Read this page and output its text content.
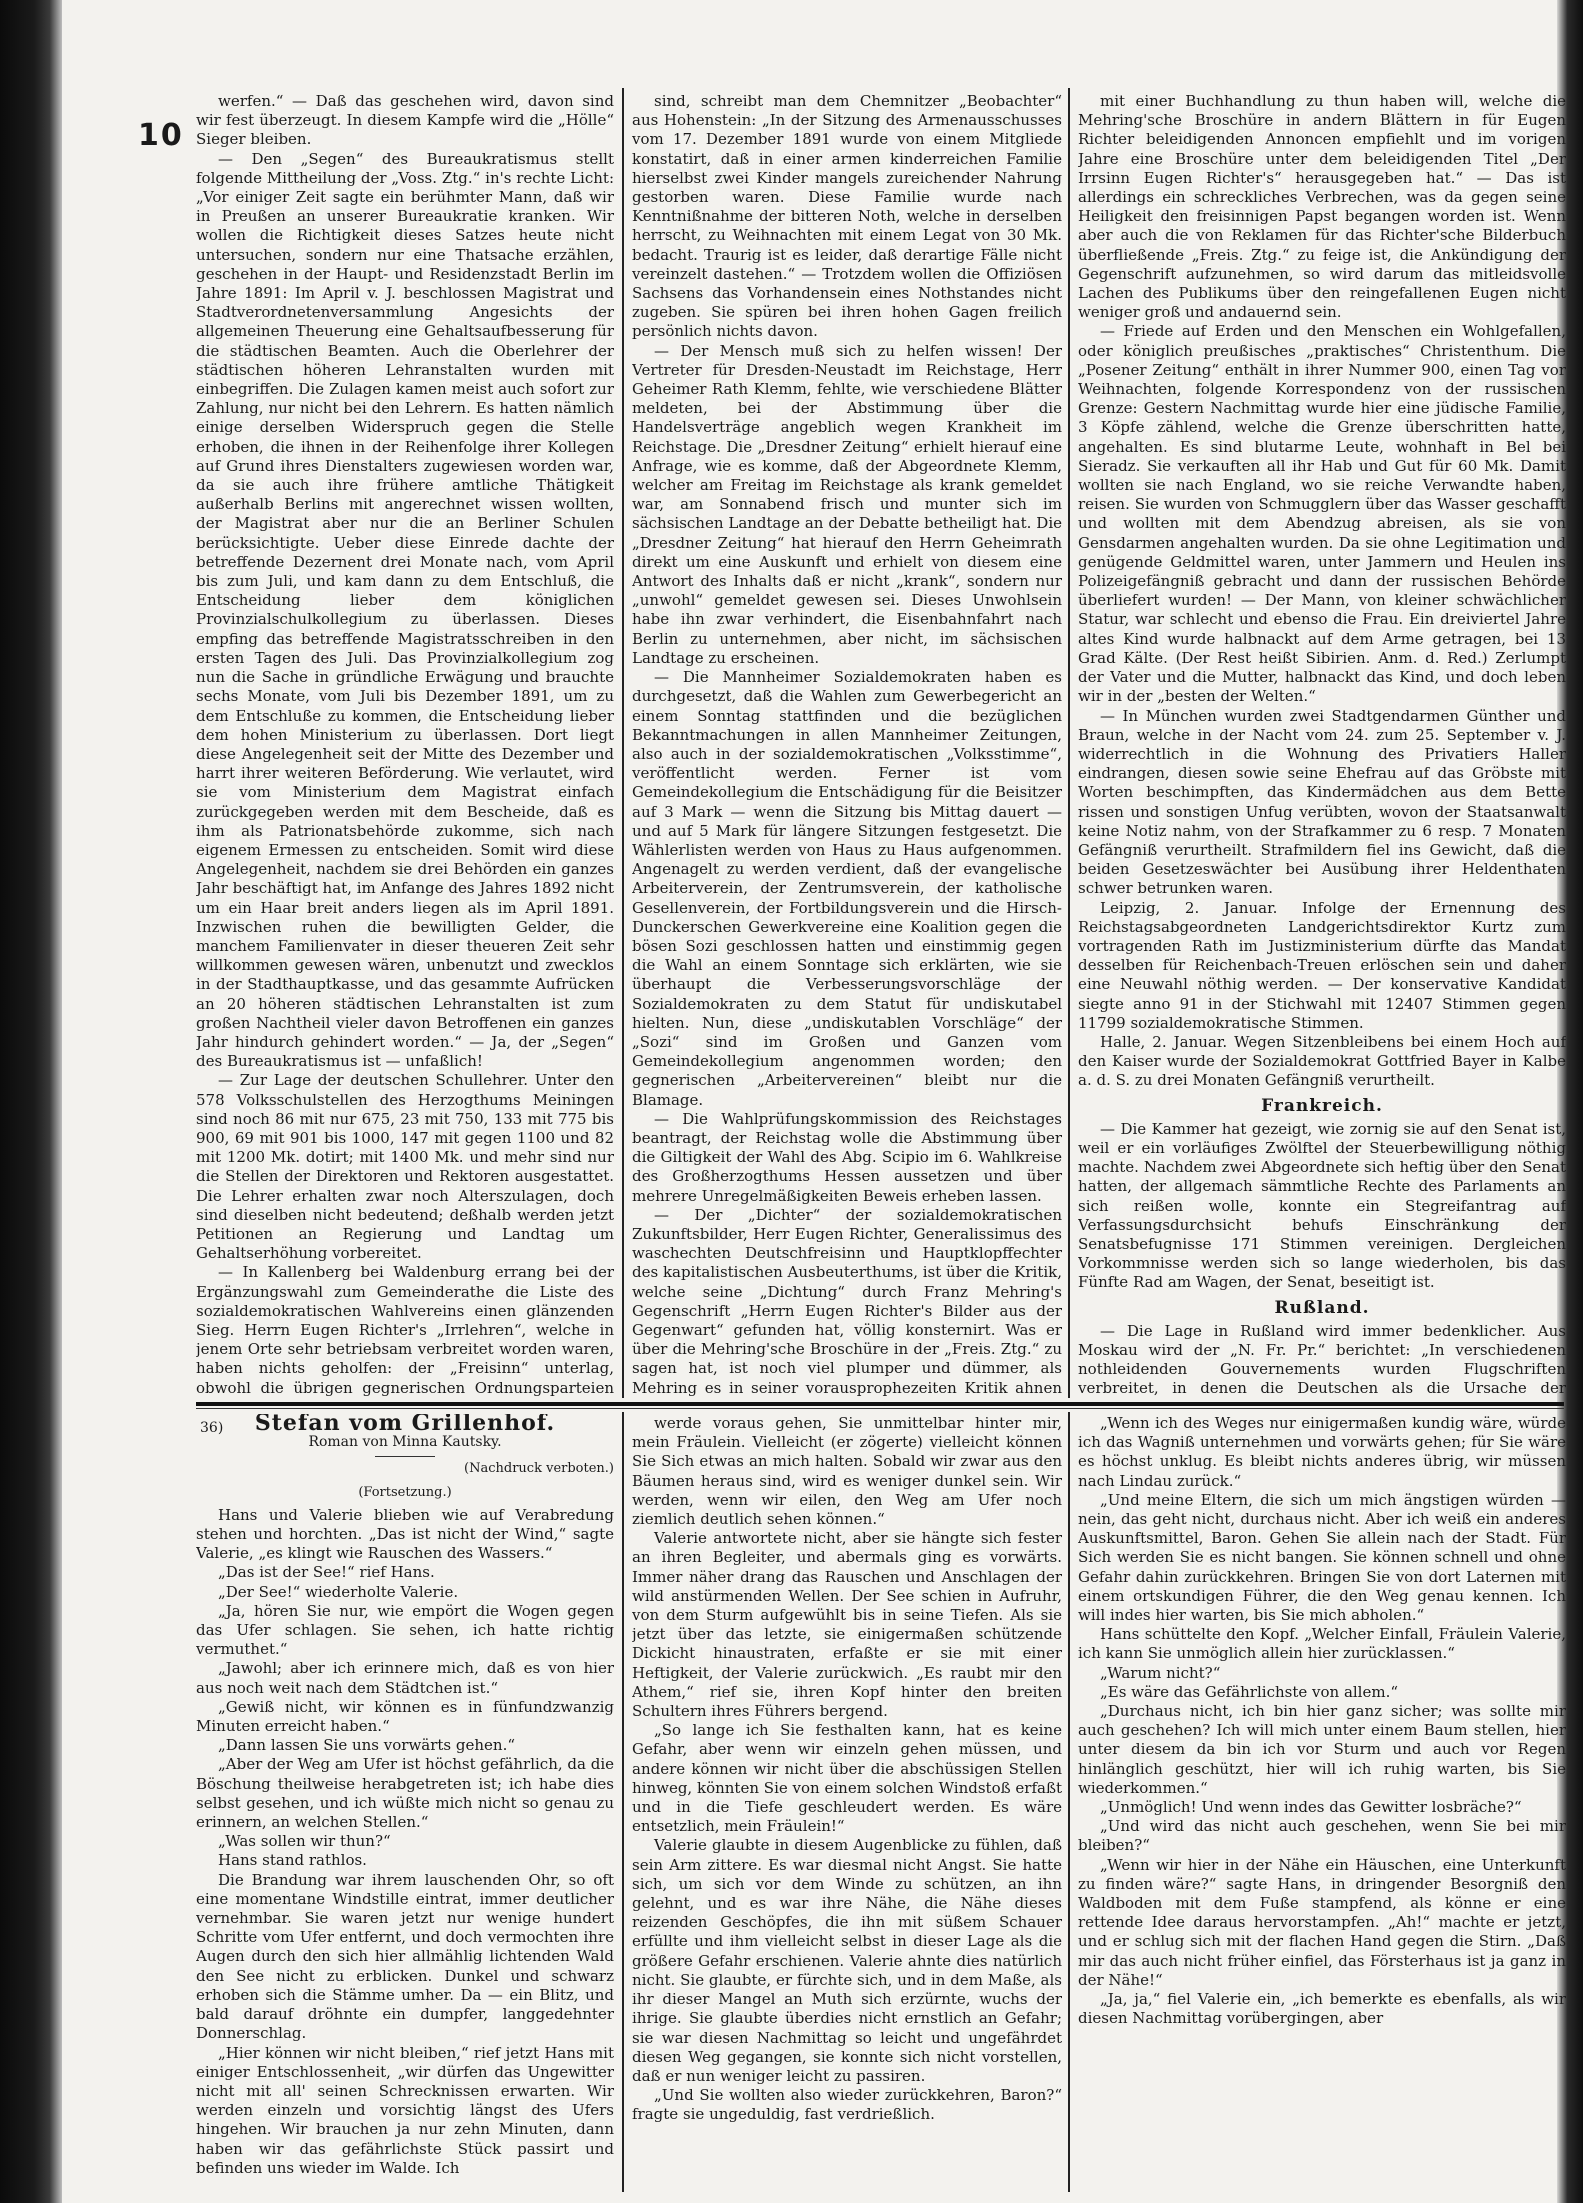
10

werfen.“ — Daß das geschehen wird, davon sind wir fest überzeugt. In diesem Kampfe wird die „Hölle“ Sieger bleiben.

— Den „Segen“ des Bureaukratismus stellt folgende Mittheilung der „Voss. Ztg.“ in's rechte Licht: „Vor einiger Zeit sagte ein berühmter Mann, daß wir in Preußen an unserer Bureaukratie kranken. Wir wollen die Richtigkeit dieses Satzes heute nicht untersuchen, sondern nur eine Thatsache erzählen, geschehen in der Haupt- und Residenzstadt Berlin im Jahre 1891: Im April v. J. beschlossen Magistrat und Stadtverordnetenversammlung Angesichts der allgemeinen Theuerung eine Gehaltsaufbesserung für die städtischen Beamten. Auch die Oberlehrer der städtischen höheren Lehranstalten wurden mit einbegriffen. Die Zulagen kamen meist auch sofort zur Zahlung, nur nicht bei den Lehrern. Es hatten nämlich einige derselben Widerspruch gegen die Stelle erhoben, die ihnen in der Reihenfolge ihrer Kollegen auf Grund ihres Dienstalters zugewiesen worden war, da sie auch ihre frühere amtliche Thätigkeit außerhalb Berlins mit angerechnet wissen wollten, der Magistrat aber nur die an Berliner Schulen berücksichtigte. Ueber diese Einrede dachte der betreffende Dezernent drei Monate nach, vom April bis zum Juli, und kam dann zu dem Entschluß, die Entscheidung lieber dem königlichen Provinzialschulkollegium zu überlassen. Dieses empfing das betreffende Magistratsschreiben in den ersten Tagen des Juli. Das Provinzialkollegium zog nun die Sache in gründliche Erwägung und brauchte sechs Monate, vom Juli bis Dezember 1891, um zu dem Entschluße zu kommen, die Entscheidung lieber dem hohen Ministerium zu überlassen. Dort liegt diese Angelegenheit seit der Mitte des Dezember und harrt ihrer weiteren Beförderung. Wie verlautet, wird sie vom Ministerium dem Magistrat einfach zurückgegeben werden mit dem Bescheide, daß es ihm als Patrionatsbehörde zukomme, sich nach eigenem Ermessen zu entscheiden. Somit wird diese Angelegenheit, nachdem sie drei Behörden ein ganzes Jahr beschäftigt hat, im Anfange des Jahres 1892 nicht um ein Haar breit anders liegen als im April 1891. Inzwischen ruhen die bewilligten Gelder, die manchem Familienvater in dieser theueren Zeit sehr willkommen gewesen wären, unbenutzt und zwecklos in der Stadthauptkasse, und das gesammte Aufrücken an 20 höheren städtischen Lehranstalten ist zum großen Nachtheil vieler davon Betroffenen ein ganzes Jahr hindurch gehindert worden.“ — Ja, der „Segen“ des Bureaukratismus ist — unfaßlich!

— Zur Lage der deutschen Schullehrer. Unter den 578 Volksschulstellen des Herzogthums Meiningen sind noch 86 mit nur 675, 23 mit 750, 133 mit 775 bis 900, 69 mit 901 bis 1000, 147 mit gegen 1100 und 82 mit 1200 Mk. dotirt; mit 1400 Mk. und mehr sind nur die Stellen der Direktoren und Rektoren ausgestattet. Die Lehrer erhalten zwar noch Alterszulagen, doch sind dieselben nicht bedeutend; deßhalb werden jetzt Petitionen an Regierung und Landtag um Gehaltserhöhung vorbereitet.

— In Kallenberg bei Waldenburg errang bei der Ergänzungswahl zum Gemeinderathe die Liste des sozialdemokratischen Wahlvereins einen glänzenden Sieg. Herrn Eugen Richter's „Irrlehren“, welche in jenem Orte sehr betriebsam verbreitet worden waren, haben nichts geholfen: der „Freisinn“ unterlag, obwohl die übrigen gegnerischen Ordnungsparteien

sind, schreibt man dem Chemnitzer „Beobachter“ aus Hohenstein: „In der Sitzung des Armenausschusses vom 17. Dezember 1891 wurde von einem Mitgliede konstatirt, daß in einer armen kinderreichen Familie hierselbst zwei Kinder mangels zureichender Nahrung gestorben waren. Diese Familie wurde nach Kenntnißnahme der bitteren Noth, welche in derselben herrscht, zu Weihnachten mit einem Legat von 30 Mk. bedacht. Traurig ist es leider, daß derartige Fälle nicht vereinzelt dastehen.“ — Trotzdem wollen die Offiziösen Sachsens das Vorhandensein eines Nothstandes nicht zugeben. Sie spüren bei ihren hohen Gagen freilich persönlich nichts davon.

— Der Mensch muß sich zu helfen wissen! Der Vertreter für Dresden-Neustadt im Reichstage, Herr Geheimer Rath Klemm, fehlte, wie verschiedene Blätter meldeten, bei der Abstimmung über die Handelsverträge angeblich wegen Krankheit im Reichstage. Die „Dresdner Zeitung“ erhielt hierauf eine Anfrage, wie es komme, daß der Abgeordnete Klemm, welcher am Freitag im Reichstage als krank gemeldet war, am Sonnabend frisch und munter sich im sächsischen Landtage an der Debatte betheiligt hat. Die „Dresdner Zeitung“ hat hierauf den Herrn Geheimrath direkt um eine Auskunft und erhielt von diesem eine Antwort des Inhalts daß er nicht „krank“, sondern nur „unwohl“ gemeldet gewesen sei. Dieses Unwohlsein habe ihn zwar verhindert, die Eisenbahnfahrt nach Berlin zu unternehmen, aber nicht, im sächsischen Landtage zu erscheinen.

— Die Mannheimer Sozialdemokraten haben es durchgesetzt, daß die Wahlen zum Gewerbegericht an einem Sonntag stattfinden und die bezüglichen Bekanntmachungen in allen Mannheimer Zeitungen, also auch in der sozialdemokratischen „Volksstimme“, veröffentlicht werden. Ferner ist vom Gemeindekollegium die Entschädigung für die Beisitzer auf 3 Mark — wenn die Sitzung bis Mittag dauert — und auf 5 Mark für längere Sitzungen festgesetzt. Die Wählerlisten werden von Haus zu Haus aufgenommen. Angenagelt zu werden verdient, daß der evangelische Arbeiterverein, der Zentrumsverein, der katholische Gesellenverein, der Fortbildungsverein und die Hirsch-Dunckerschen Gewerkvereine eine Koalition gegen die bösen Sozi geschlossen hatten und einstimmig gegen die Wahl an einem Sonntage sich erklärten, wie sie überhaupt die Verbesserungsvorschläge der Sozialdemokraten zu dem Statut für undiskutabel hielten. Nun, diese „undiskutablen Vorschläge“ der „Sozi“ sind im Großen und Ganzen vom Gemeindekollegium angenommen worden; den gegnerischen „Arbeitervereinen“ bleibt nur die Blamage.

— Die Wahlprüfungskommission des Reichstages beantragt, der Reichstag wolle die Abstimmung über die Giltigkeit der Wahl des Abg. Scipio im 6. Wahlkreise des Großherzogthums Hessen aussetzen und über mehrere Unregelmäßigkeiten Beweis erheben lassen.

— Der „Dichter“ der sozialdemokratischen Zukunftsbilder, Herr Eugen Richter, Generalissimus des waschechten Deutschfreisinn und Hauptklopffechter des kapitalistischen Ausbeuterthums, ist über die Kritik, welche seine „Dichtung“ durch Franz Mehring's Gegenschrift „Herrn Eugen Richter's Bilder aus der Gegenwart“ gefunden hat, völlig konsternirt. Was er über die Mehring'sche Broschüre in der „Freis. Ztg.“ zu sagen hat, ist noch viel plumper und dümmer, als Mehring es in seiner vorausprophezeiten Kritik ahnen

mit einer Buchhandlung zu thun haben will, welche die Mehring'sche Broschüre in andern Blättern in für Eugen Richter beleidigenden Annoncen empfiehlt und im vorigen Jahre eine Broschüre unter dem beleidigenden Titel „Der Irrsinn Eugen Richter's“ herausgegeben hat.“ — Das ist allerdings ein schreckliches Verbrechen, was da gegen seine Heiligkeit den freisinnigen Papst begangen worden ist. Wenn aber auch die von Reklamen für das Richter'sche Bilderbuch überfließende „Freis. Ztg.“ zu feige ist, die Ankündigung der Gegenschrift aufzunehmen, so wird darum das mitleidsvolle Lachen des Publikums über den reingefallenen Eugen nicht weniger groß und andauernd sein.

— Friede auf Erden und den Menschen ein Wohlgefallen, oder königlich preußisches „praktisches“ Christenthum. Die „Posener Zeitung“ enthält in ihrer Nummer 900, einen Tag vor Weihnachten, folgende Korrespondenz von der russischen Grenze: Gestern Nachmittag wurde hier eine jüdische Familie, 3 Köpfe zählend, welche die Grenze überschritten hatte, angehalten. Es sind blutarme Leute, wohnhaft in Bel bei Sieradz. Sie verkauften all ihr Hab und Gut für 60 Mk. Damit wollten sie nach England, wo sie reiche Verwandte haben, reisen. Sie wurden von Schmugglern über das Wasser geschafft und wollten mit dem Abendzug abreisen, als sie von Gensdarmen angehalten wurden. Da sie ohne Legitimation und genügende Geldmittel waren, unter Jammern und Heulen ins Polizeigefängniß gebracht und dann der russischen Behörde überliefert wurden! — Der Mann, von kleiner schwächlicher Statur, war schlecht und ebenso die Frau. Ein dreiviertel Jahre altes Kind wurde halbnackt auf dem Arme getragen, bei 13 Grad Kälte. (Der Rest heißt Sibirien. Anm. d. Red.) Zerlumpt der Vater und die Mutter, halbnackt das Kind, und doch leben wir in der „besten der Welten.“

— In München wurden zwei Stadtgendarmen Günther und Braun, welche in der Nacht vom 24. zum 25. September v. J. widerrechtlich in die Wohnung des Privatiers Haller eindrangen, diesen sowie seine Ehefrau auf das Gröbste mit Worten beschimpften, das Kindermädchen aus dem Bette rissen und sonstigen Unfug verübten, wovon der Staatsanwalt keine Notiz nahm, von der Strafkammer zu 6 resp. 7 Monaten Gefängniß verurtheilt. Strafmildern fiel ins Gewicht, daß die beiden Gesetzeswächter bei Ausübung ihrer Heldenthaten schwer betrunken waren.

Leipzig, 2. Januar. Infolge der Ernennung des Reichstagsabgeordneten Landgerichtsdirektor Kurtz zum vortragenden Rath im Justizministerium dürfte das Mandat desselben für Reichenbach-Treuen erlöschen sein und daher eine Neuwahl nöthig werden. — Der konservative Kandidat siegte anno 91 in der Stichwahl mit 12407 Stimmen gegen 11799 sozialdemokratische Stimmen.

Halle, 2. Januar. Wegen Sitzenbleibens bei einem Hoch auf den Kaiser wurde der Sozialdemokrat Gottfried Bayer in Kalbe a. d. S. zu drei Monaten Gefängniß verurtheilt.

Frankreich.

— Die Kammer hat gezeigt, wie zornig sie auf den Senat ist, weil er ein vorläufiges Zwölftel der Steuerbewilligung nöthig machte. Nachdem zwei Abgeordnete sich heftig über den Senat hatten, der allgemach sämmtliche Rechte des Parlaments an sich reißen wolle, konnte ein Stegreifantrag auf Verfassungsdurchsicht behufs Einschränkung der Senatsbefugnisse 171 Stimmen vereinigen. Dergleichen Vorkommnisse werden sich so lange wiederholen, bis das Fünfte Rad am Wagen, der Senat, beseitigt ist.

Rußland.

— Die Lage in Rußland wird immer bedenklicher. Aus Moskau wird der „N. Fr. Pr.“ berichtet: „In verschiedenen nothleidenden Gouvernements wurden Flugschriften verbreitet, in denen die Deutschen als die Ursache der

36)	Stefan vom Grillenhof.

Roman von Minna Kautsky.

(Nachdruck verboten.)

(Fortsetzung.)

Hans und Valerie blieben wie auf Verabredung stehen und horchten. „Das ist nicht der Wind,“ sagte Valerie, „es klingt wie Rauschen des Wassers.“

„Das ist der See!“ rief Hans.

„Der See!“ wiederholte Valerie.

„Ja, hören Sie nur, wie empört die Wogen gegen das Ufer schlagen. Sie sehen, ich hatte richtig vermuthet.“

„Jawohl; aber ich erinnere mich, daß es von hier aus noch weit nach dem Städtchen ist.“

„Gewiß nicht, wir können es in fünfundzwanzig Minuten erreicht haben.“

„Dann lassen Sie uns vorwärts gehen.“

„Aber der Weg am Ufer ist höchst gefährlich, da die Böschung theilweise herabgetreten ist; ich habe dies selbst gesehen, und ich wüßte mich nicht so genau zu erinnern, an welchen Stellen.“

„Was sollen wir thun?“

Hans stand rathlos.

Die Brandung war ihrem lauschenden Ohr, so oft eine momentane Windstille eintrat, immer deutlicher vernehmbar. Sie waren jetzt nur wenige hundert Schritte vom Ufer entfernt, und doch vermochten ihre Augen durch den sich hier allmählig lichtenden Wald den See nicht zu erblicken. Dunkel und schwarz erhoben sich die Stämme umher. Da — ein Blitz, und bald darauf dröhnte ein dumpfer, langgedehnter Donnerschlag.

„Hier können wir nicht bleiben,“ rief jetzt Hans mit einiger Entschlossenheit, „wir dürfen das Ungewitter nicht mit all' seinen Schrecknissen erwarten. Wir werden einzeln und vorsichtig längst des Ufers hingehen. Wir brauchen ja nur zehn Minuten, dann haben wir das gefährlichste Stück passirt und befinden uns wieder im Walde. Ich

werde voraus gehen, Sie unmittelbar hinter mir, mein Fräulein. Vielleicht (er zögerte) vielleicht können Sie Sich etwas an mich halten. Sobald wir zwar aus den Bäumen heraus sind, wird es weniger dunkel sein. Wir werden, wenn wir eilen, den Weg am Ufer noch ziemlich deutlich sehen können.“

Valerie antwortete nicht, aber sie hängte sich fester an ihren Begleiter, und abermals ging es vorwärts. Immer näher drang das Rauschen und Anschlagen der wild anstürmenden Wellen. Der See schien in Aufruhr, von dem Sturm aufgewühlt bis in seine Tiefen. Als sie jetzt über das letzte, sie einigermaßen schützende Dickicht hinaustraten, erfaßte er sie mit einer Heftigkeit, der Valerie zurückwich. „Es raubt mir den Athem,“ rief sie, ihren Kopf hinter den breiten Schultern ihres Führers bergend.

„So lange ich Sie festhalten kann, hat es keine Gefahr, aber wenn wir einzeln gehen müssen, und andere können wir nicht über die abschüssigen Stellen hinweg, könnten Sie von einem solchen Windstoß erfaßt und in die Tiefe geschleudert werden. Es wäre entsetzlich, mein Fräulein!“

Valerie glaubte in diesem Augenblicke zu fühlen, daß sein Arm zittere. Es war diesmal nicht Angst. Sie hatte sich, um sich vor dem Winde zu schützen, an ihn gelehnt, und es war ihre Nähe, die Nähe dieses reizenden Geschöpfes, die ihn mit süßem Schauer erfüllte und ihm vielleicht selbst in dieser Lage als die größere Gefahr erschienen. Valerie ahnte dies natürlich nicht. Sie glaubte, er fürchte sich, und in dem Maße, als ihr dieser Mangel an Muth sich erzürnte, wuchs der ihrige. Sie glaubte überdies nicht ernstlich an Gefahr; sie war diesen Nachmittag so leicht und ungefährdet diesen Weg gegangen, sie konnte sich nicht vorstellen, daß er nun weniger leicht zu passiren.

„Und Sie wollten also wieder zurückkehren, Baron?“ fragte sie ungeduldig, fast verdrießlich.

„Wenn ich des Weges nur einigermaßen kundig wäre, würde ich das Wagniß unternehmen und vorwärts gehen; für Sie wäre es höchst unklug. Es bleibt nichts anderes übrig, wir müssen nach Lindau zurück.“

„Und meine Eltern, die sich um mich ängstigen würden — nein, das geht nicht, durchaus nicht. Aber ich weiß ein anderes Auskunftsmittel, Baron. Gehen Sie allein nach der Stadt. Für Sich werden Sie es nicht bangen. Sie können schnell und ohne Gefahr dahin zurückkehren. Bringen Sie von dort Laternen mit einem ortskundigen Führer, die den Weg genau kennen. Ich will indes hier warten, bis Sie mich abholen.“

Hans schüttelte den Kopf. „Welcher Einfall, Fräulein Valerie, ich kann Sie unmöglich allein hier zurücklassen.“

„Warum nicht?“

„Es wäre das Gefährlichste von allem.“

„Durchaus nicht, ich bin hier ganz sicher; was sollte mir auch geschehen? Ich will mich unter einem Baum stellen, hier unter diesem da bin ich vor Sturm und auch vor Regen hinlänglich geschützt, hier will ich ruhig warten, bis Sie wiederkommen.“

„Unmöglich! Und wenn indes das Gewitter losbräche?“

„Und wird das nicht auch geschehen, wenn Sie bei mir bleiben?“

„Wenn wir hier in der Nähe ein Häuschen, eine Unterkunft zu finden wäre?“ sagte Hans, in dringender Besorgniß den Waldboden mit dem Fuße stampfend, als könne er eine rettende Idee daraus hervorstampfen. „Ah!“ machte er jetzt, und er schlug sich mit der flachen Hand gegen die Stirn. „Daß mir das auch nicht früher einfiel, das Försterhaus ist ja ganz in der Nähe!“

„Ja, ja,“ fiel Valerie ein, „ich bemerkte es ebenfalls, als wir diesen Nachmittag vorübergingen, aber
